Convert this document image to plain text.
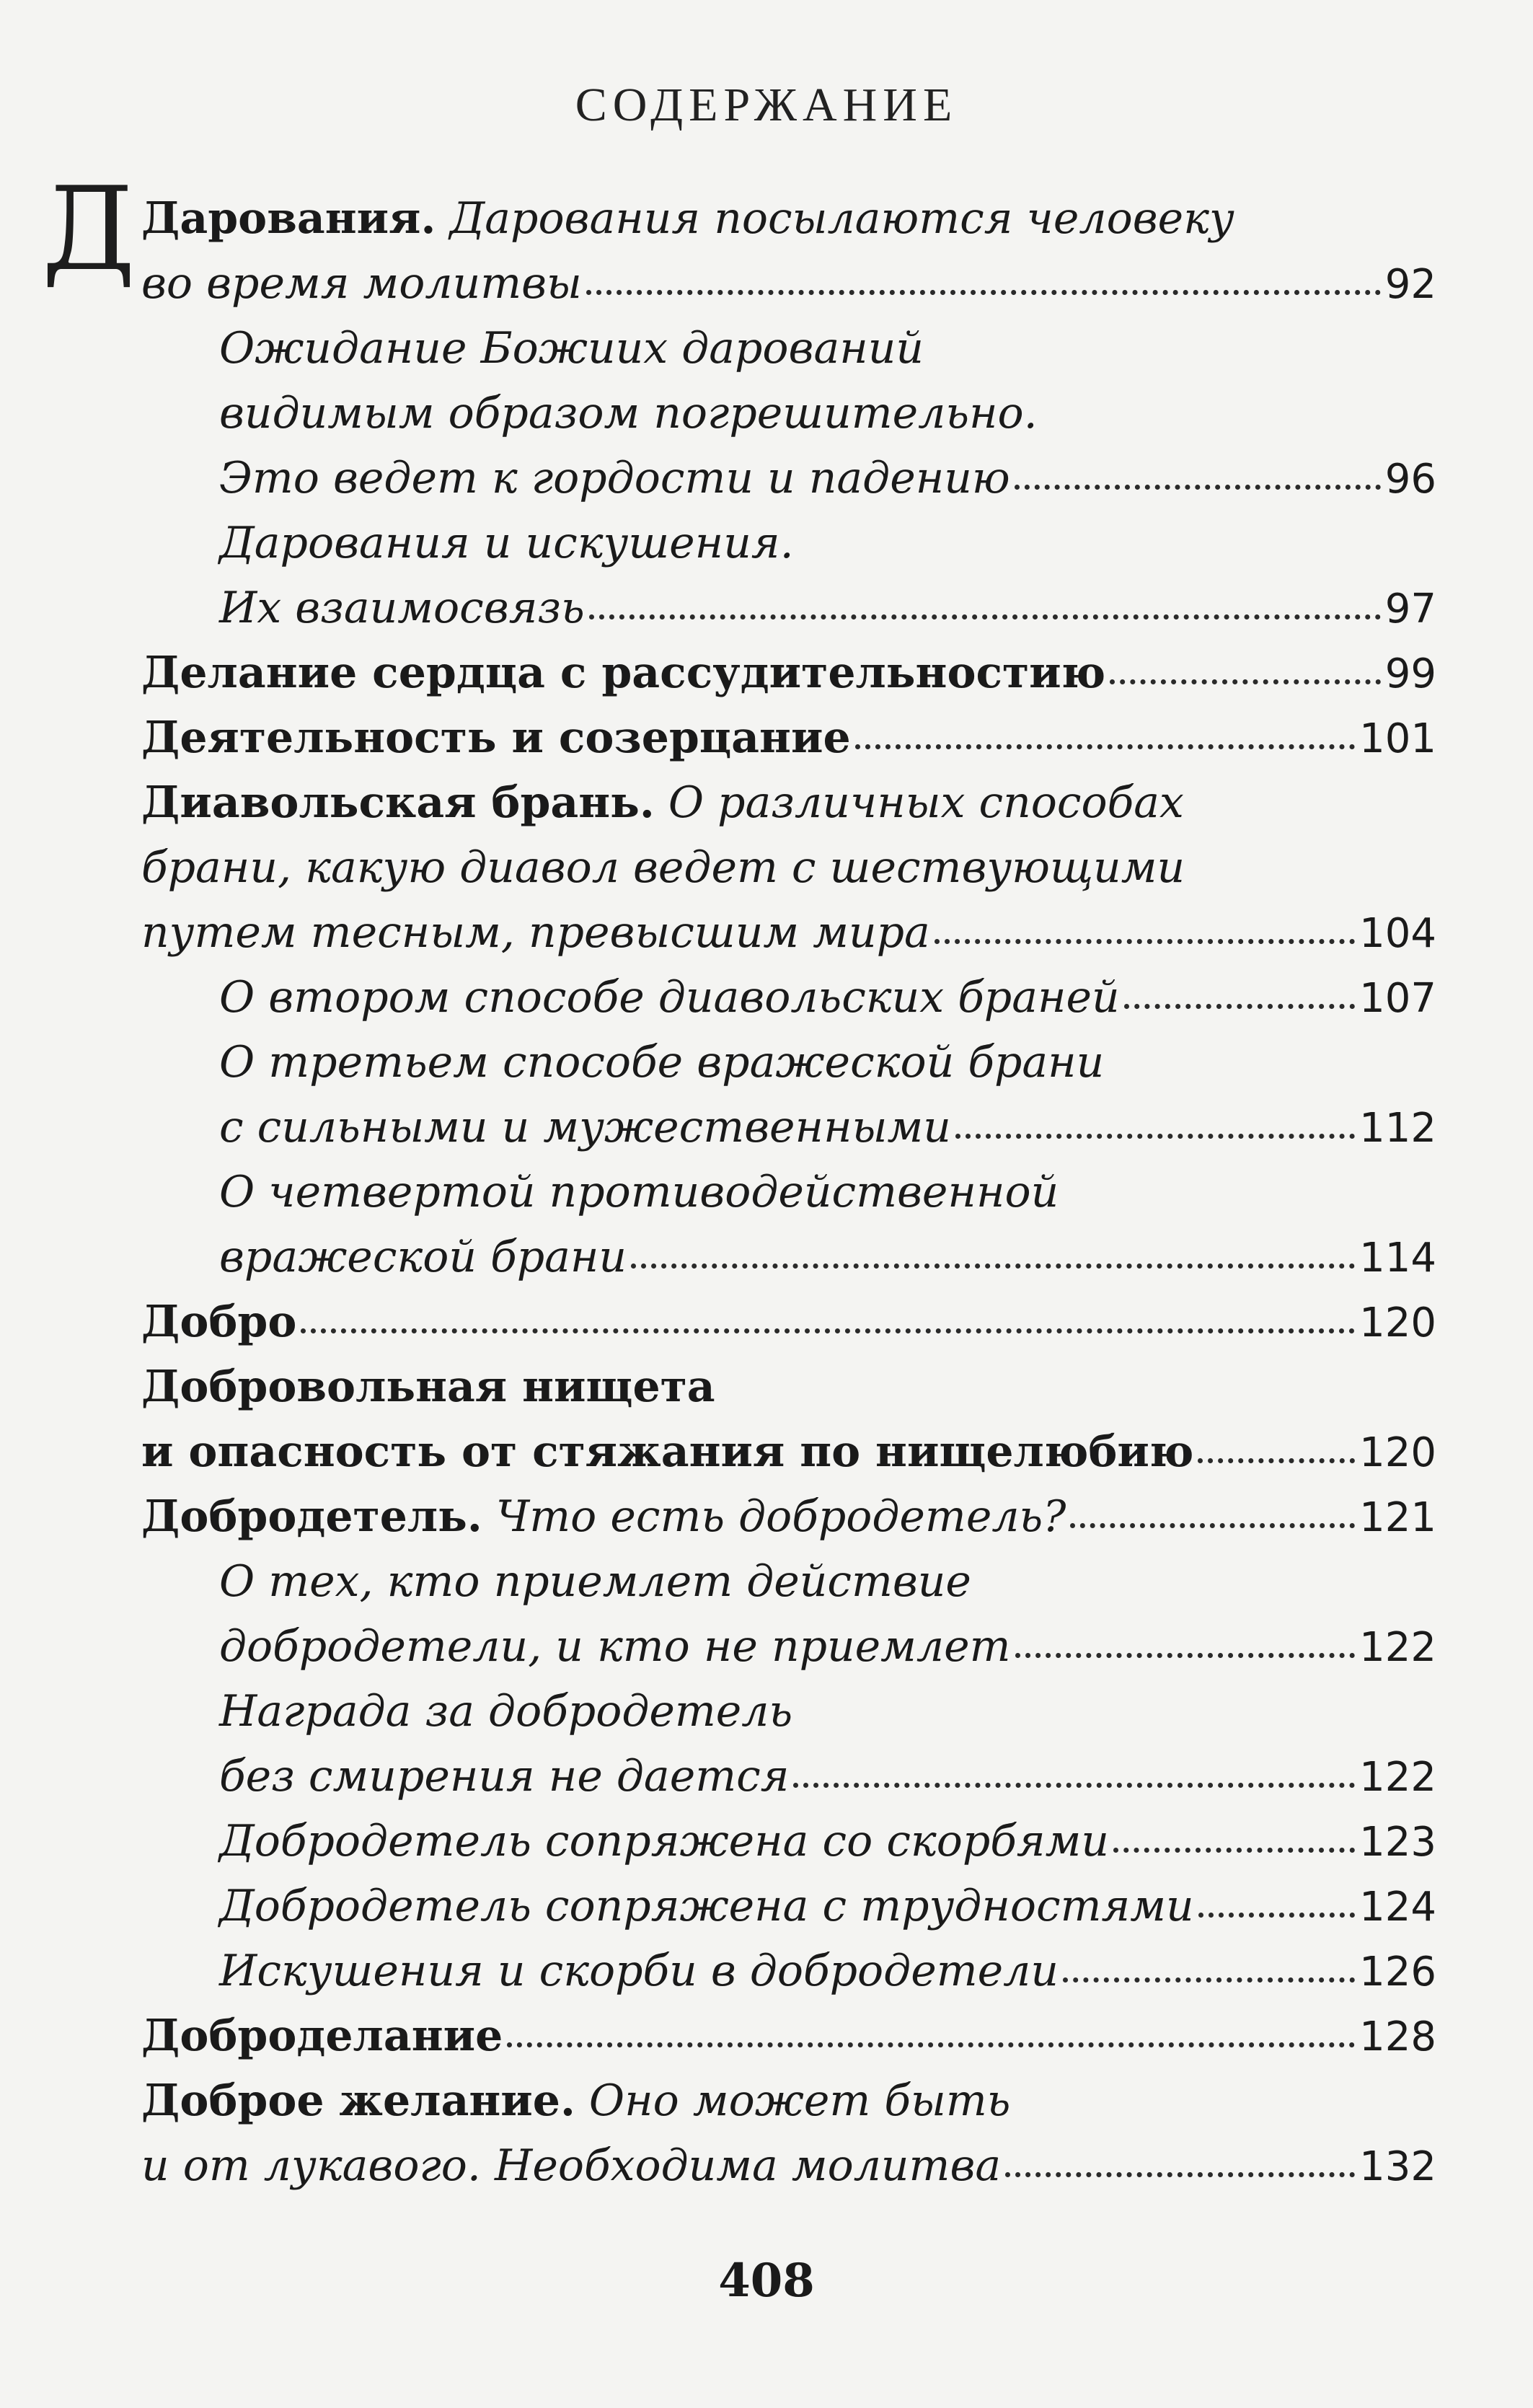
СОДЕРЖАНИЕ
Д Дарования. Дарования посылаются человеку
во время молитвы	92
Ожидание Божиих дарований
видимым образом погрешительно.
Это ведет к гордости и падению	96
Дарования и искушения.
Их взаимосвязь	97
Делание сердца с рассудительностию	99
Деятельность и созерцание	101
Диавольская брань. О различных способах
брани, какую диавол ведет с шествующими
путем тесным, превысшим мира	104
О втором способе диавольских браней	107
О третьем способе вражеской брани
с сильными и мужественными	112
О четвертой противодейственной
вражеской брани	114
Добро	120
Добровольная нищета
и опасность от стяжания по нищелюбию	120
Добродетель. Что есть добродетель?	121
О тех, кто приемлет действие
добродетели, и кто не приемлет	122
Награда за добродетель
без смирения не дается	122
Добродетель сопряжена со скорбями	123
Добродетель сопряжена с трудностями	124
Искушения и скорби в добродетели	126
Доброделание	128
Доброе желание. Оно может быть
и от лукавого. Необходима молитва	132
408
